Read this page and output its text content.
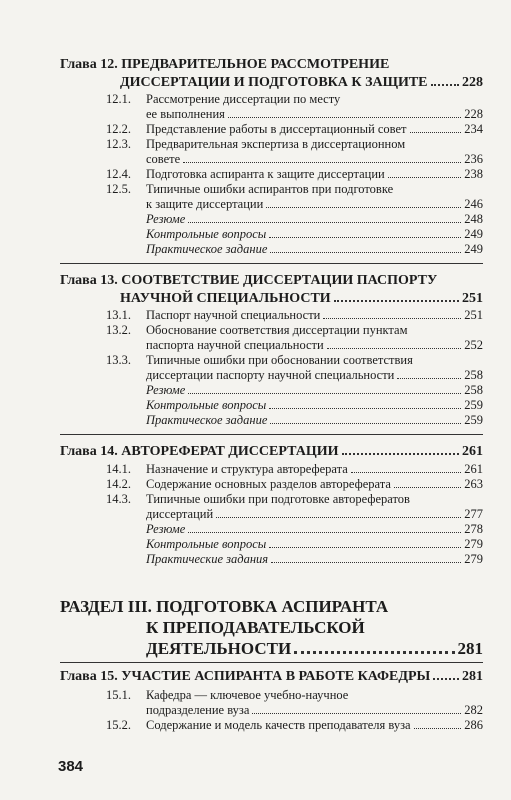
Глава 12. ПРЕДВАРИТЕЛЬНОЕ РАССМОТРЕНИЕ
ДИССЕРТАЦИИ И ПОДГОТОВКА К ЗАЩИТЕ 228
12.1.	Рассмотрение диссертации по месту
ее выполнения	228
12.2.	Представление работы в диссертационный совет	234
12.3.	Предварительная экспертиза в диссертационном
совете	236
12.4.	Подготовка аспиранта к защите диссертации	238
12.5.	Типичные ошибки аспирантов при подготовке
к защите диссертации	246
Резюме	248
Контрольные вопросы	249
Практическое задание	249
Глава 13. СООТВЕТСТВИЕ ДИССЕРТАЦИИ ПАСПОРТУ
НАУЧНОЙ СПЕЦИАЛЬНОСТИ	251
13.1.	Паспорт научной специальности	251
13.2.	Обоснование соответствия диссертации пунктам
паспорта научной специальности	252
13.3.	Типичные ошибки при обосновании соответствия
диссертации паспорту научной специальности	258
Резюме	258
Контрольные вопросы	259
Практическое задание	259
Глава 14. АВТОРЕФЕРАТ ДИССЕРТАЦИИ	261
14.1.	Назначение и структура автореферата	261
14.2.	Содержание основных разделов автореферата	263
14.3.	Типичные ошибки при подготовке авторефератов
диссертаций	277
Резюме	278
Контрольные вопросы	279
Практические задания	279
РАЗДЕЛ III. ПОДГОТОВКА АСПИРАНТА
К ПРЕПОДАВАТЕЛЬСКОЙ
ДЕЯТЕЛЬНОСТИ	281
Глава 15. УЧАСТИЕ АСПИРАНТА В РАБОТЕ КАФЕДРЫ 281
15.1.	Кафедра — ключевое учебно-научное
подразделение вуза	282
15.2.	Содержание и модель качеств преподавателя вуза	286
384
